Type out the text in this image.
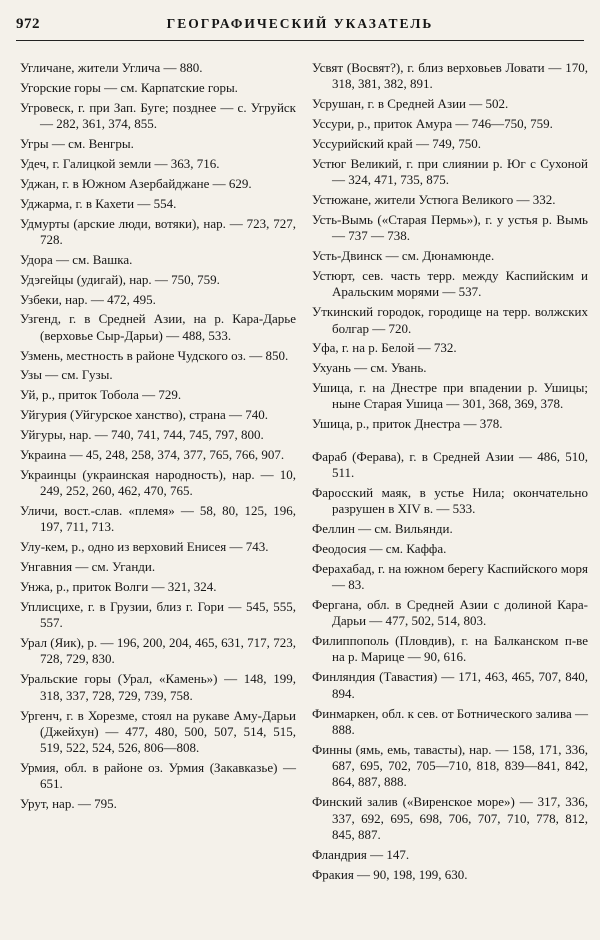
972	ГЕОГРАФИЧЕСКИЙ УКАЗАТЕЛЬ

Угличане, жители Углича — 880.

Угорские горы — см. Карпатские горы.

Угровеск, г. при Зап. Буге; позднее — с. Угруйск — 282, 361, 374, 855.

Угры — см. Венгры.

Удеч, г. Галицкой земли — 363, 716.

Уджан, г. в Южном Азербайджане — 629.

Уджарма, г. в Кахети — 554.

Удмурты (арские люди, вотяки), нар. — 723, 727, 728.

Удора — см. Вашка.

Удэгейцы (удигай), нар. — 750, 759.

Узбеки, нар. — 472, 495.

Узгенд, г. в Средней Азии, на р. Кара-Дарье (верховье Сыр-Дарьи) — 488, 533.

Узмень, местность в районе Чудского оз. — 850.

Узы — см. Гузы.

Уй, р., приток Тобола — 729.

Уйгурия (Уйгурское ханство), страна — 740.

Уйгуры, нар. — 740, 741, 744, 745, 797, 800.

Украина — 45, 248, 258, 374, 377, 765, 766, 907.

Украинцы (украинская народность), нар. — 10, 249, 252, 260, 462, 470, 765.

Уличи, вост.-слав. «племя» — 58, 80, 125, 196, 197, 711, 713.

Улу-кем, р., одно из верховий Енисея — 743.

Унгавния — см. Уганди.

Унжа, р., приток Волги — 321, 324.

Уплисцихе, г. в Грузии, близ г. Гори — 545, 555, 557.

Урал (Яик), р. — 196, 200, 204, 465, 631, 717, 723, 728, 729, 830.

Уральские горы (Урал, «Камень») — 148, 199, 318, 337, 728, 729, 739, 758.

Ургенч, г. в Хорезме, стоял на рукаве Аму-Дарьи (Джейхун) — 477, 480, 500, 507, 514, 515, 519, 522, 524, 526, 806—808.

Урмия, обл. в районе оз. Урмия (Закавказье) — 651.

Урут, нар. — 795.

Усвят (Восвят?), г. близ верховьев Ловати — 170, 318, 381, 382, 891.

Усрушан, г. в Средней Азии — 502.

Уссури, р., приток Амура — 746—750, 759.

Уссурийский край — 749, 750.

Устюг Великий, г. при слиянии р. Юг с Сухоной — 324, 471, 735, 875.

Устюжане, жители Устюга Великого — 332.

Усть-Вымь («Старая Пермь»), г. у устья р. Вымь — 737 — 738.

Усть-Двинск — см. Дюнамюнде.

Устюрт, сев. часть терр. между Каспийским и Аральским морями — 537.

Уткинский городок, городище на терр. волжских болгар — 720.

Уфа, г. на р. Белой — 732.

Ухуань — см. Увань.

Ушица, г. на Днестре при впадении р. Ушицы; ныне Старая Ушица — 301, 368, 369, 378.

Ушица, р., приток Днестра — 378.

Фараб (Ферава), г. в Средней Азии — 486, 510, 511.

Фаросский маяк, в устье Нила; окончательно разрушен в XIV в. — 533.

Феллин — см. Вильянди.

Феодосия — см. Каффа.

Ферахабад, г. на южном берегу Каспийского моря — 83.

Фергана, обл. в Средней Азии с долиной Кара-Дарьи — 477, 502, 514, 803.

Филиппополь (Пловдив), г. на Балканском п-ве на р. Марице — 90, 616.

Финляндия (Тавастия) — 171, 463, 465, 707, 840, 894.

Финмаркен, обл. к сев. от Ботнического залива — 888.

Финны (ямь, емь, тавасты), нар. — 158, 171, 336, 687, 695, 702, 705—710, 818, 839—841, 842, 864, 887, 888.

Финский залив («Виренское море») — 317, 336, 337, 692, 695, 698, 706, 707, 710, 778, 812, 845, 887.

Фландрия — 147.

Фракия — 90, 198, 199, 630.
